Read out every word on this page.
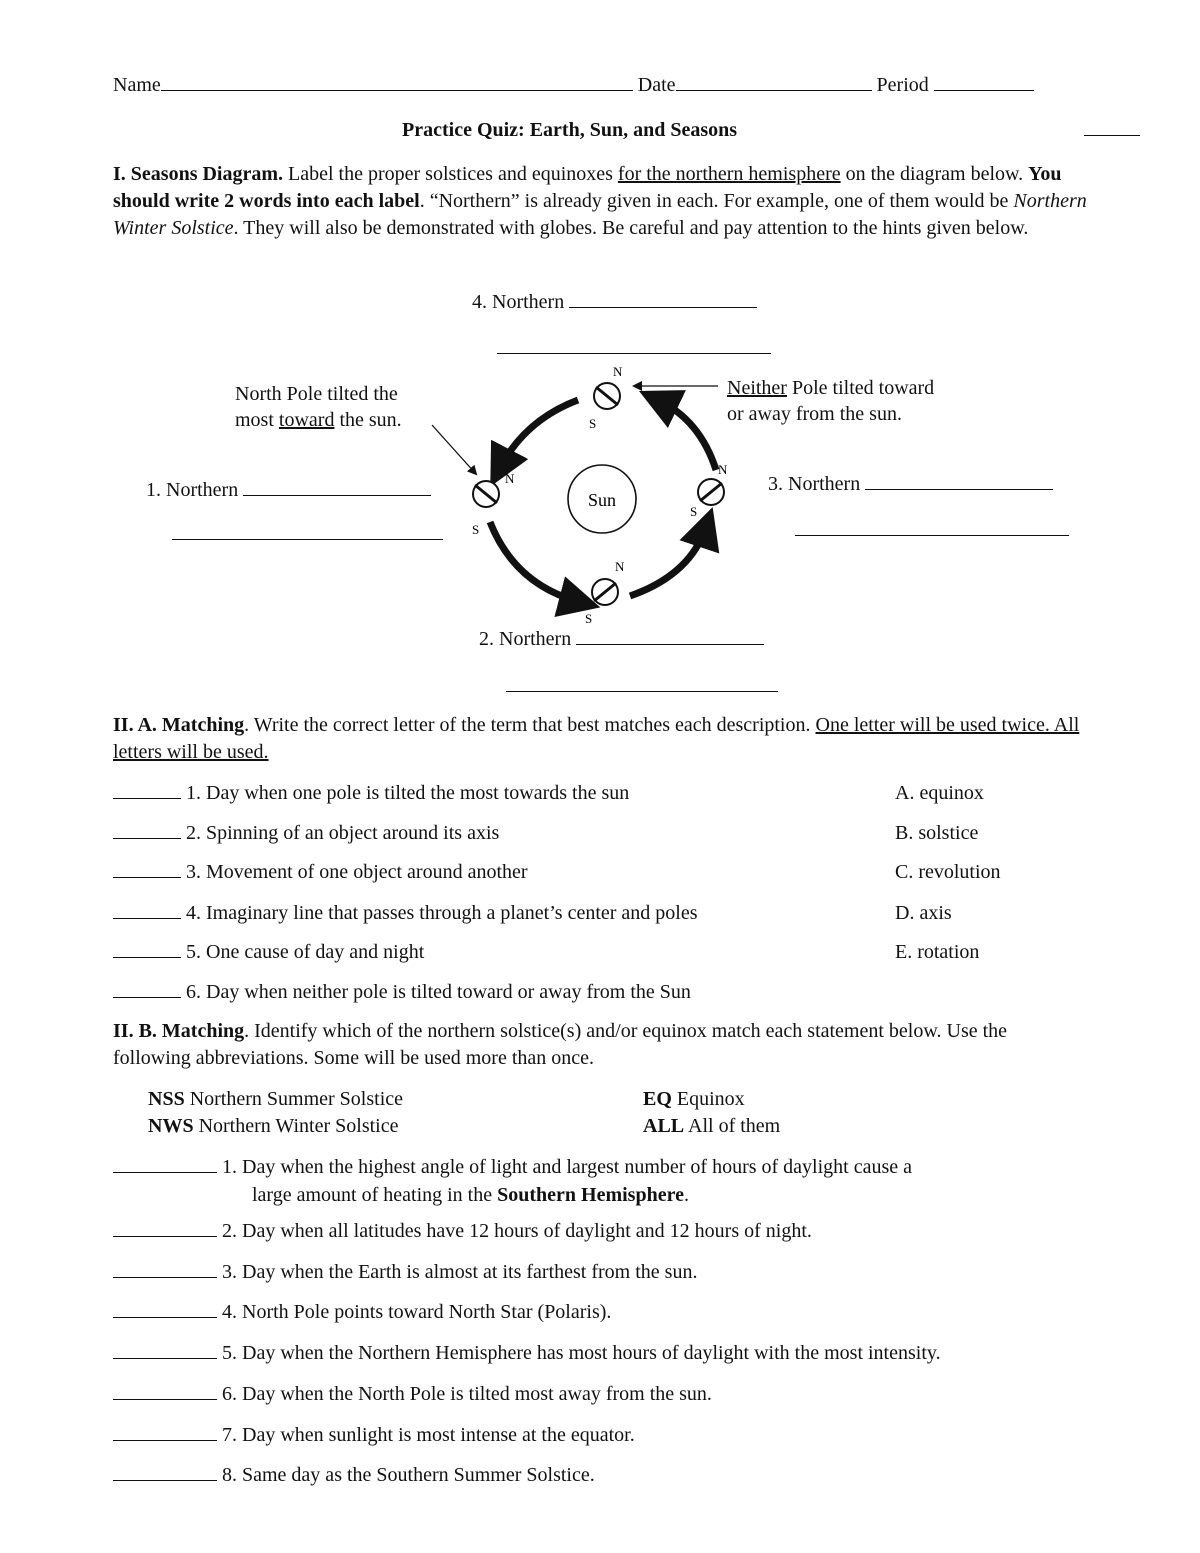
Name	Date	Period
Practice Quiz: Earth, Sun, and Seasons
I. Seasons Diagram. Label the proper solstices and equinoxes for the northern hemisphere on the diagram below. You should write 2 words into each label. “Northern” is already given in each. For example, one of them would be Northern Winter Solstice. They will also be demonstrated with globes. Be careful and pay attention to the hints given below.
4. Northern
1. Northern	3. Northern
2. Northern
North Pole tilted the
most toward the sun.
Neither Pole tilted toward
or away from the sun.
Sun
N
S
N
S
N
S
N
S
II. A. Matching. Write the correct letter of the term that best matches each description. One letter will be used twice. All letters will be used.
1. Day when one pole is tilted the most towards the sun
2. Spinning of an object around its axis
3. Movement of one object around another
4. Imaginary line that passes through a planet’s center and poles
5. One cause of day and night
6. Day when neither pole is tilted toward or away from the Sun
A. equinox
B. solstice
C. revolution
D. axis
E. rotation
II. B. Matching. Identify which of the northern solstice(s) and/or equinox match each statement below. Use the following abbreviations. Some will be used more than once.
NSS Northern Summer Solstice	EQ Equinox
NWS Northern Winter Solstice	ALL All of them
1. Day when the highest angle of light and largest number of hours of daylight cause a
large amount of heating in the Southern Hemisphere.
2. Day when all latitudes have 12 hours of daylight and 12 hours of night.
3. Day when the Earth is almost at its farthest from the sun.
4. North Pole points toward North Star (Polaris).
5. Day when the Northern Hemisphere has most hours of daylight with the most intensity.
6. Day when the North Pole is tilted most away from the sun.
7. Day when sunlight is most intense at the equator.
8. Same day as the Southern Summer Solstice.
